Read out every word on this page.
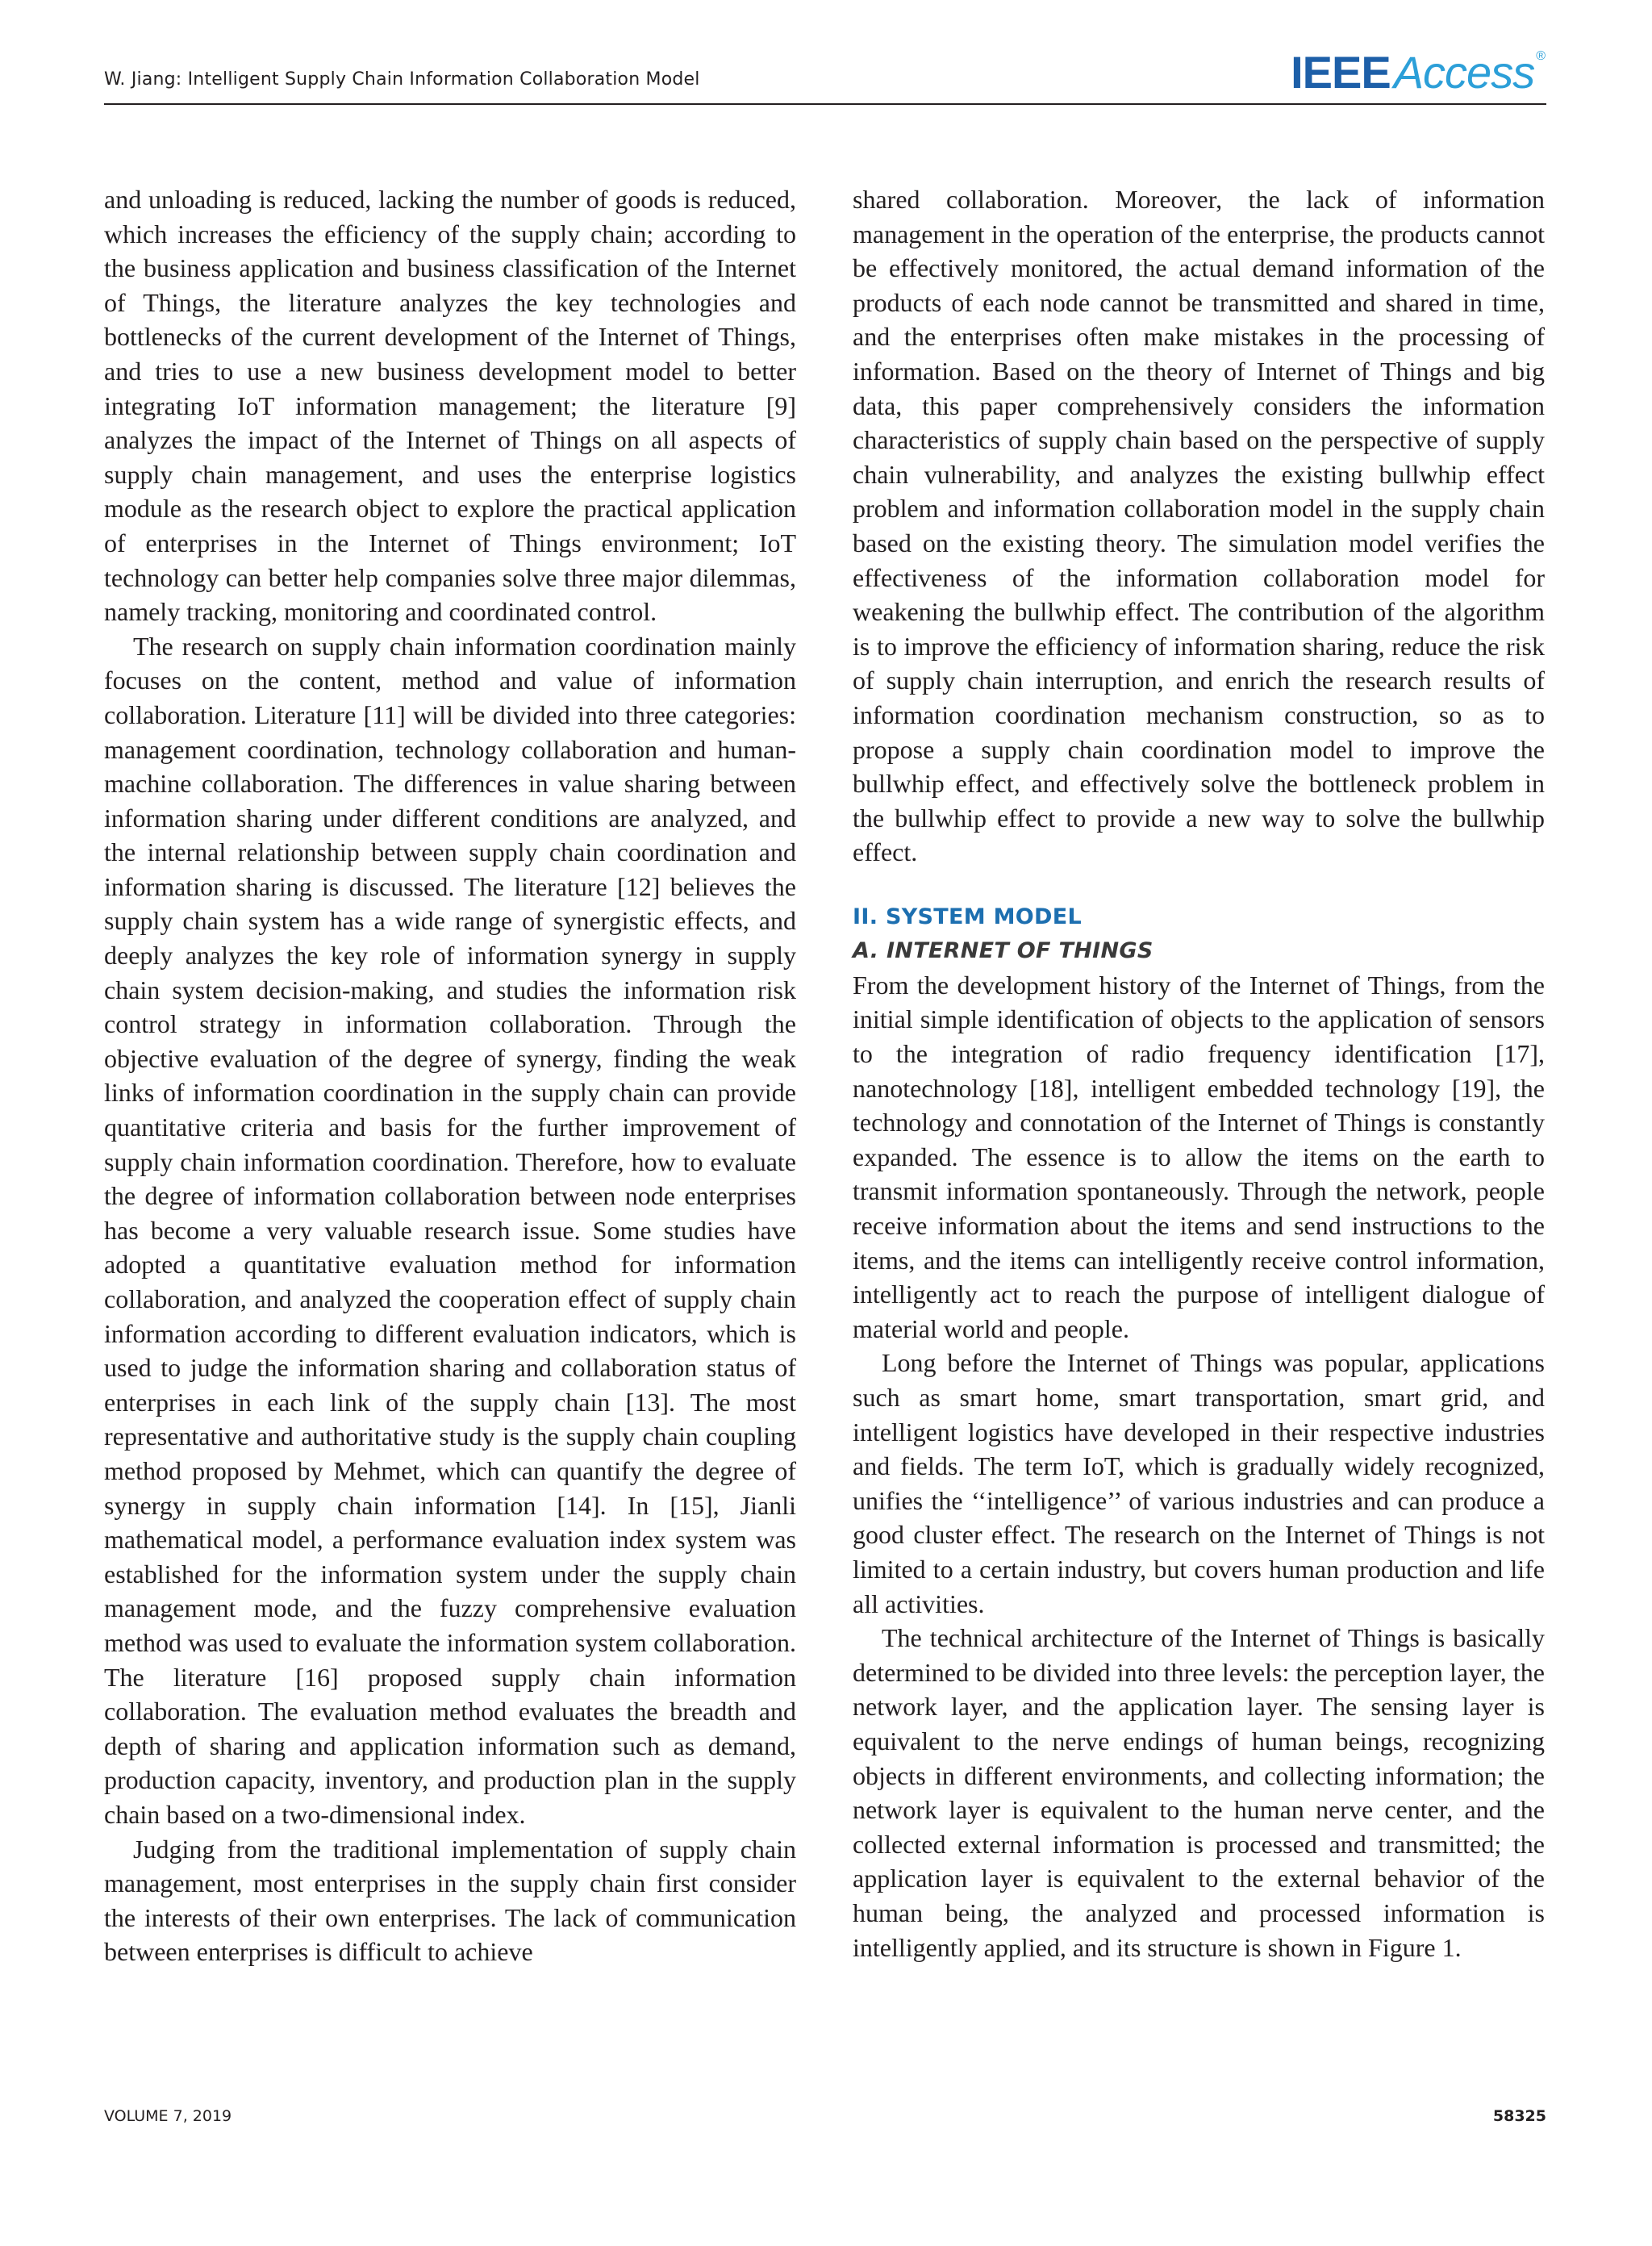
W. Jiang: Intelligent Supply Chain Information Collaboration Model	IEEEAccess ®

and unloading is reduced, lacking the number of goods is reduced, which increases the efficiency of the supply chain; according to the business application and business classification of the Internet of Things, the literature analyzes the key technologies and bottlenecks of the current development of the Internet of Things, and tries to use a new business development model to better integrating IoT information management; the literature [9] analyzes the impact of the Internet of Things on all aspects of supply chain management, and uses the enterprise logistics module as the research object to explore the practical application of enterprises in the Internet of Things environment; IoT technology can better help companies solve three major dilemmas, namely tracking, monitoring and coordinated control.

The research on supply chain information coordination mainly focuses on the content, method and value of information collaboration. Literature [11] will be divided into three categories: management coordination, technology collaboration and human-machine collaboration. The differences in value sharing between information sharing under different conditions are analyzed, and the internal relationship between supply chain coordination and information sharing is discussed. The literature [12] believes the supply chain system has a wide range of synergistic effects, and deeply analyzes the key role of information synergy in supply chain system decision-making, and studies the information risk control strategy in information collaboration. Through the objective evaluation of the degree of synergy, finding the weak links of information coordination in the supply chain can provide quantitative criteria and basis for the further improvement of supply chain information coordination. Therefore, how to evaluate the degree of information collaboration between node enterprises has become a very valuable research issue. Some studies have adopted a quantitative evaluation method for information collaboration, and analyzed the cooperation effect of supply chain information according to different evaluation indicators, which is used to judge the information sharing and collaboration status of enterprises in each link of the supply chain [13]. The most representative and authoritative study is the supply chain coupling method proposed by Mehmet, which can quantify the degree of synergy in supply chain information [14]. In [15], Jianli mathematical model, a performance evaluation index system was established for the information system under the supply chain management mode, and the fuzzy comprehensive evaluation method was used to evaluate the information system collaboration. The literature [16] proposed supply chain information collaboration. The evaluation method evaluates the breadth and depth of sharing and application information such as demand, production capacity, inventory, and production plan in the supply chain based on a two-dimensional index.

Judging from the traditional implementation of supply chain management, most enterprises in the supply chain first consider the interests of their own enterprises. The lack of communication between enterprises is difficult to achieve

shared collaboration. Moreover, the lack of information management in the operation of the enterprise, the products cannot be effectively monitored, the actual demand information of the products of each node cannot be transmitted and shared in time, and the enterprises often make mistakes in the processing of information. Based on the theory of Internet of Things and big data, this paper comprehensively considers the information characteristics of supply chain based on the perspective of supply chain vulnerability, and analyzes the existing bullwhip effect problem and information collaboration model in the supply chain based on the existing theory. The simulation model verifies the effectiveness of the information collaboration model for weakening the bullwhip effect. The contribution of the algorithm is to improve the efficiency of information sharing, reduce the risk of supply chain interruption, and enrich the research results of information coordination mechanism construction, so as to propose a supply chain coordination model to improve the bullwhip effect, and effectively solve the bottleneck problem in the bullwhip effect to provide a new way to solve the bullwhip effect.

II. SYSTEM MODEL
A. INTERNET OF THINGS

From the development history of the Internet of Things, from the initial simple identification of objects to the application of sensors to the integration of radio frequency identification [17], nanotechnology [18], intelligent embedded technology [19], the technology and connotation of the Internet of Things is constantly expanded. The essence is to allow the items on the earth to transmit information spontaneously. Through the network, people receive information about the items and send instructions to the items, and the items can intelligently receive control information, intelligently act to reach the purpose of intelligent dialogue of material world and people.

Long before the Internet of Things was popular, applications such as smart home, smart transportation, smart grid, and intelligent logistics have developed in their respective industries and fields. The term IoT, which is gradually widely recognized, unifies the ‘‘intelligence’’ of various industries and can produce a good cluster effect. The research on the Internet of Things is not limited to a certain industry, but covers human production and life all activities.

The technical architecture of the Internet of Things is basically determined to be divided into three levels: the perception layer, the network layer, and the application layer. The sensing layer is equivalent to the nerve endings of human beings, recognizing objects in different environments, and collecting information; the network layer is equivalent to the human nerve center, and the collected external information is processed and transmitted; the application layer is equivalent to the external behavior of the human being, the analyzed and processed information is intelligently applied, and its structure is shown in Figure 1.

VOLUME 7, 2019	58325
